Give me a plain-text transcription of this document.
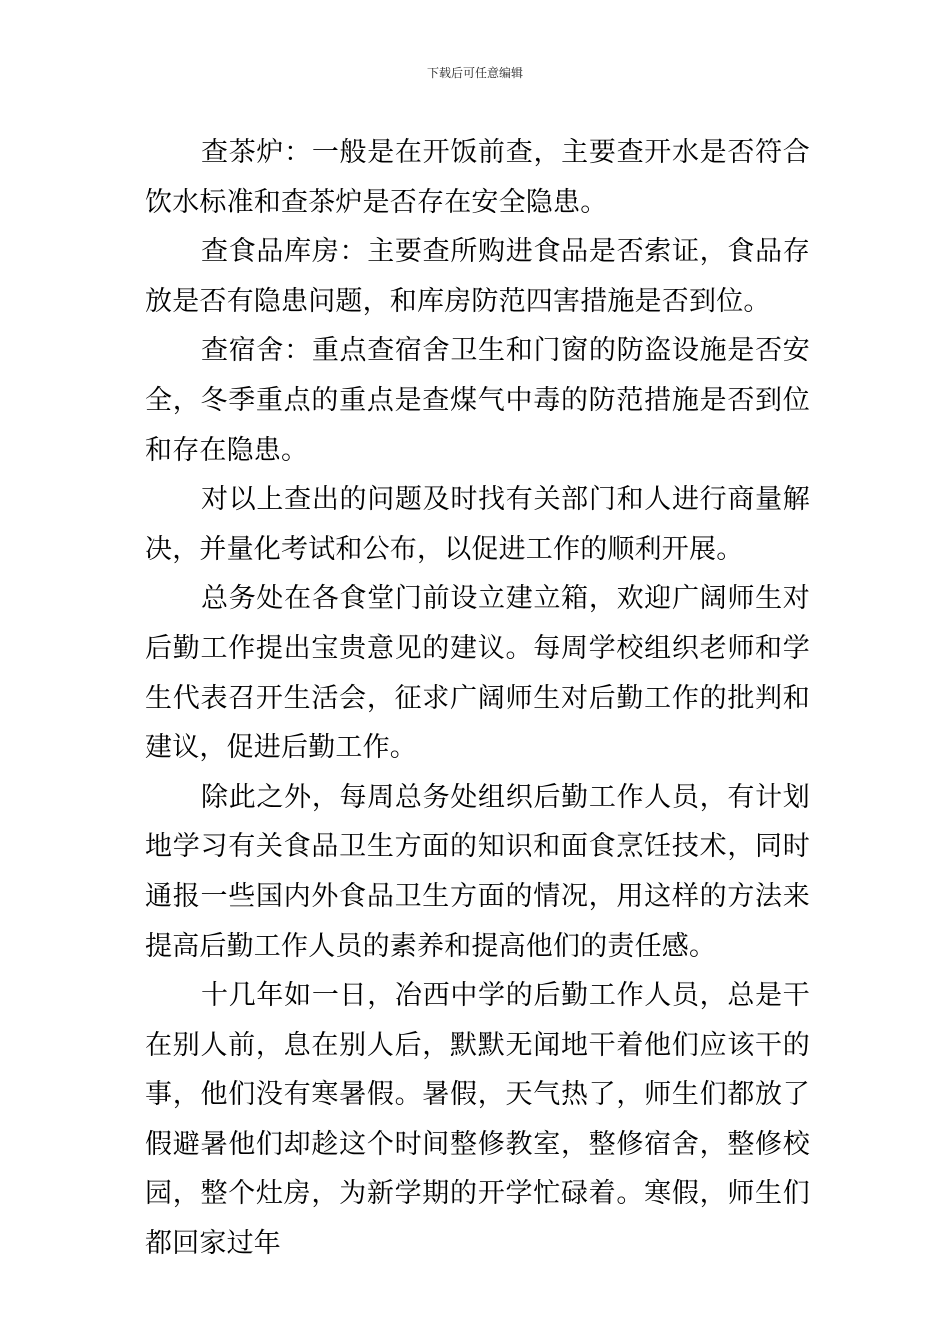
下载后可任意编辑

查茶炉：一般是在开饭前查，主要查开水是否符合饮水标准和查茶炉是否存在安全隐患。

查食品库房：主要查所购进食品是否索证，食品存放是否有隐患问题，和库房防范四害措施是否到位。

查宿舍：重点查宿舍卫生和门窗的防盗设施是否安全，冬季重点的重点是查煤气中毒的防范措施是否到位和存在隐患。

对以上查出的问题及时找有关部门和人进行商量解决，并量化考试和公布，以促进工作的顺利开展。

总务处在各食堂门前设立建立箱，欢迎广阔师生对后勤工作提出宝贵意见的建议。每周学校组织老师和学生代表召开生活会，征求广阔师生对后勤工作的批判和建议，促进后勤工作。

除此之外，每周总务处组织后勤工作人员，有计划地学习有关食品卫生方面的知识和面食烹饪技术，同时通报一些国内外食品卫生方面的情况，用这样的方法来提高后勤工作人员的素养和提高他们的责任感。

十几年如一日，冶西中学的后勤工作人员，总是干在别人前，息在别人后，默默无闻地干着他们应该干的事，他们没有寒暑假。暑假，天气热了，师生们都放了假避暑他们却趁这个时间整修教室，整修宿舍，整修校园，整个灶房，为新学期的开学忙碌着。寒假，师生们都回家过年
